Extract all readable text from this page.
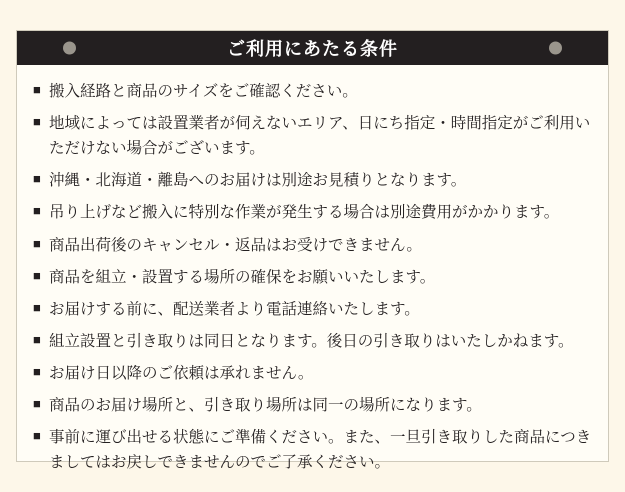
ご利用にあたる条件
■ 搬入経路と商品のサイズをご確認ください。
■ 地域によっては設置業者が伺えないエリア、日にち指定・時間指定がご利用いただけない場合がございます。
■ 沖縄・北海道・離島へのお届けは別途お見積りとなります。
■ 吊り上げなど搬入に特別な作業が発生する場合は別途費用がかかります。
■ 商品出荷後のキャンセル・返品はお受けできません。
■ 商品を組立・設置する場所の確保をお願いいたします。
■ お届けする前に、配送業者より電話連絡いたします。
■ 組立設置と引き取りは同日となります。後日の引き取りはいたしかねます。
■ お届け日以降のご依頼は承れません。
■ 商品のお届け場所と、引き取り場所は同一の場所になります。
■ 事前に運び出せる状態にご準備ください。また、一旦引き取りした商品につきましてはお戻しできませんのでご了承ください。
